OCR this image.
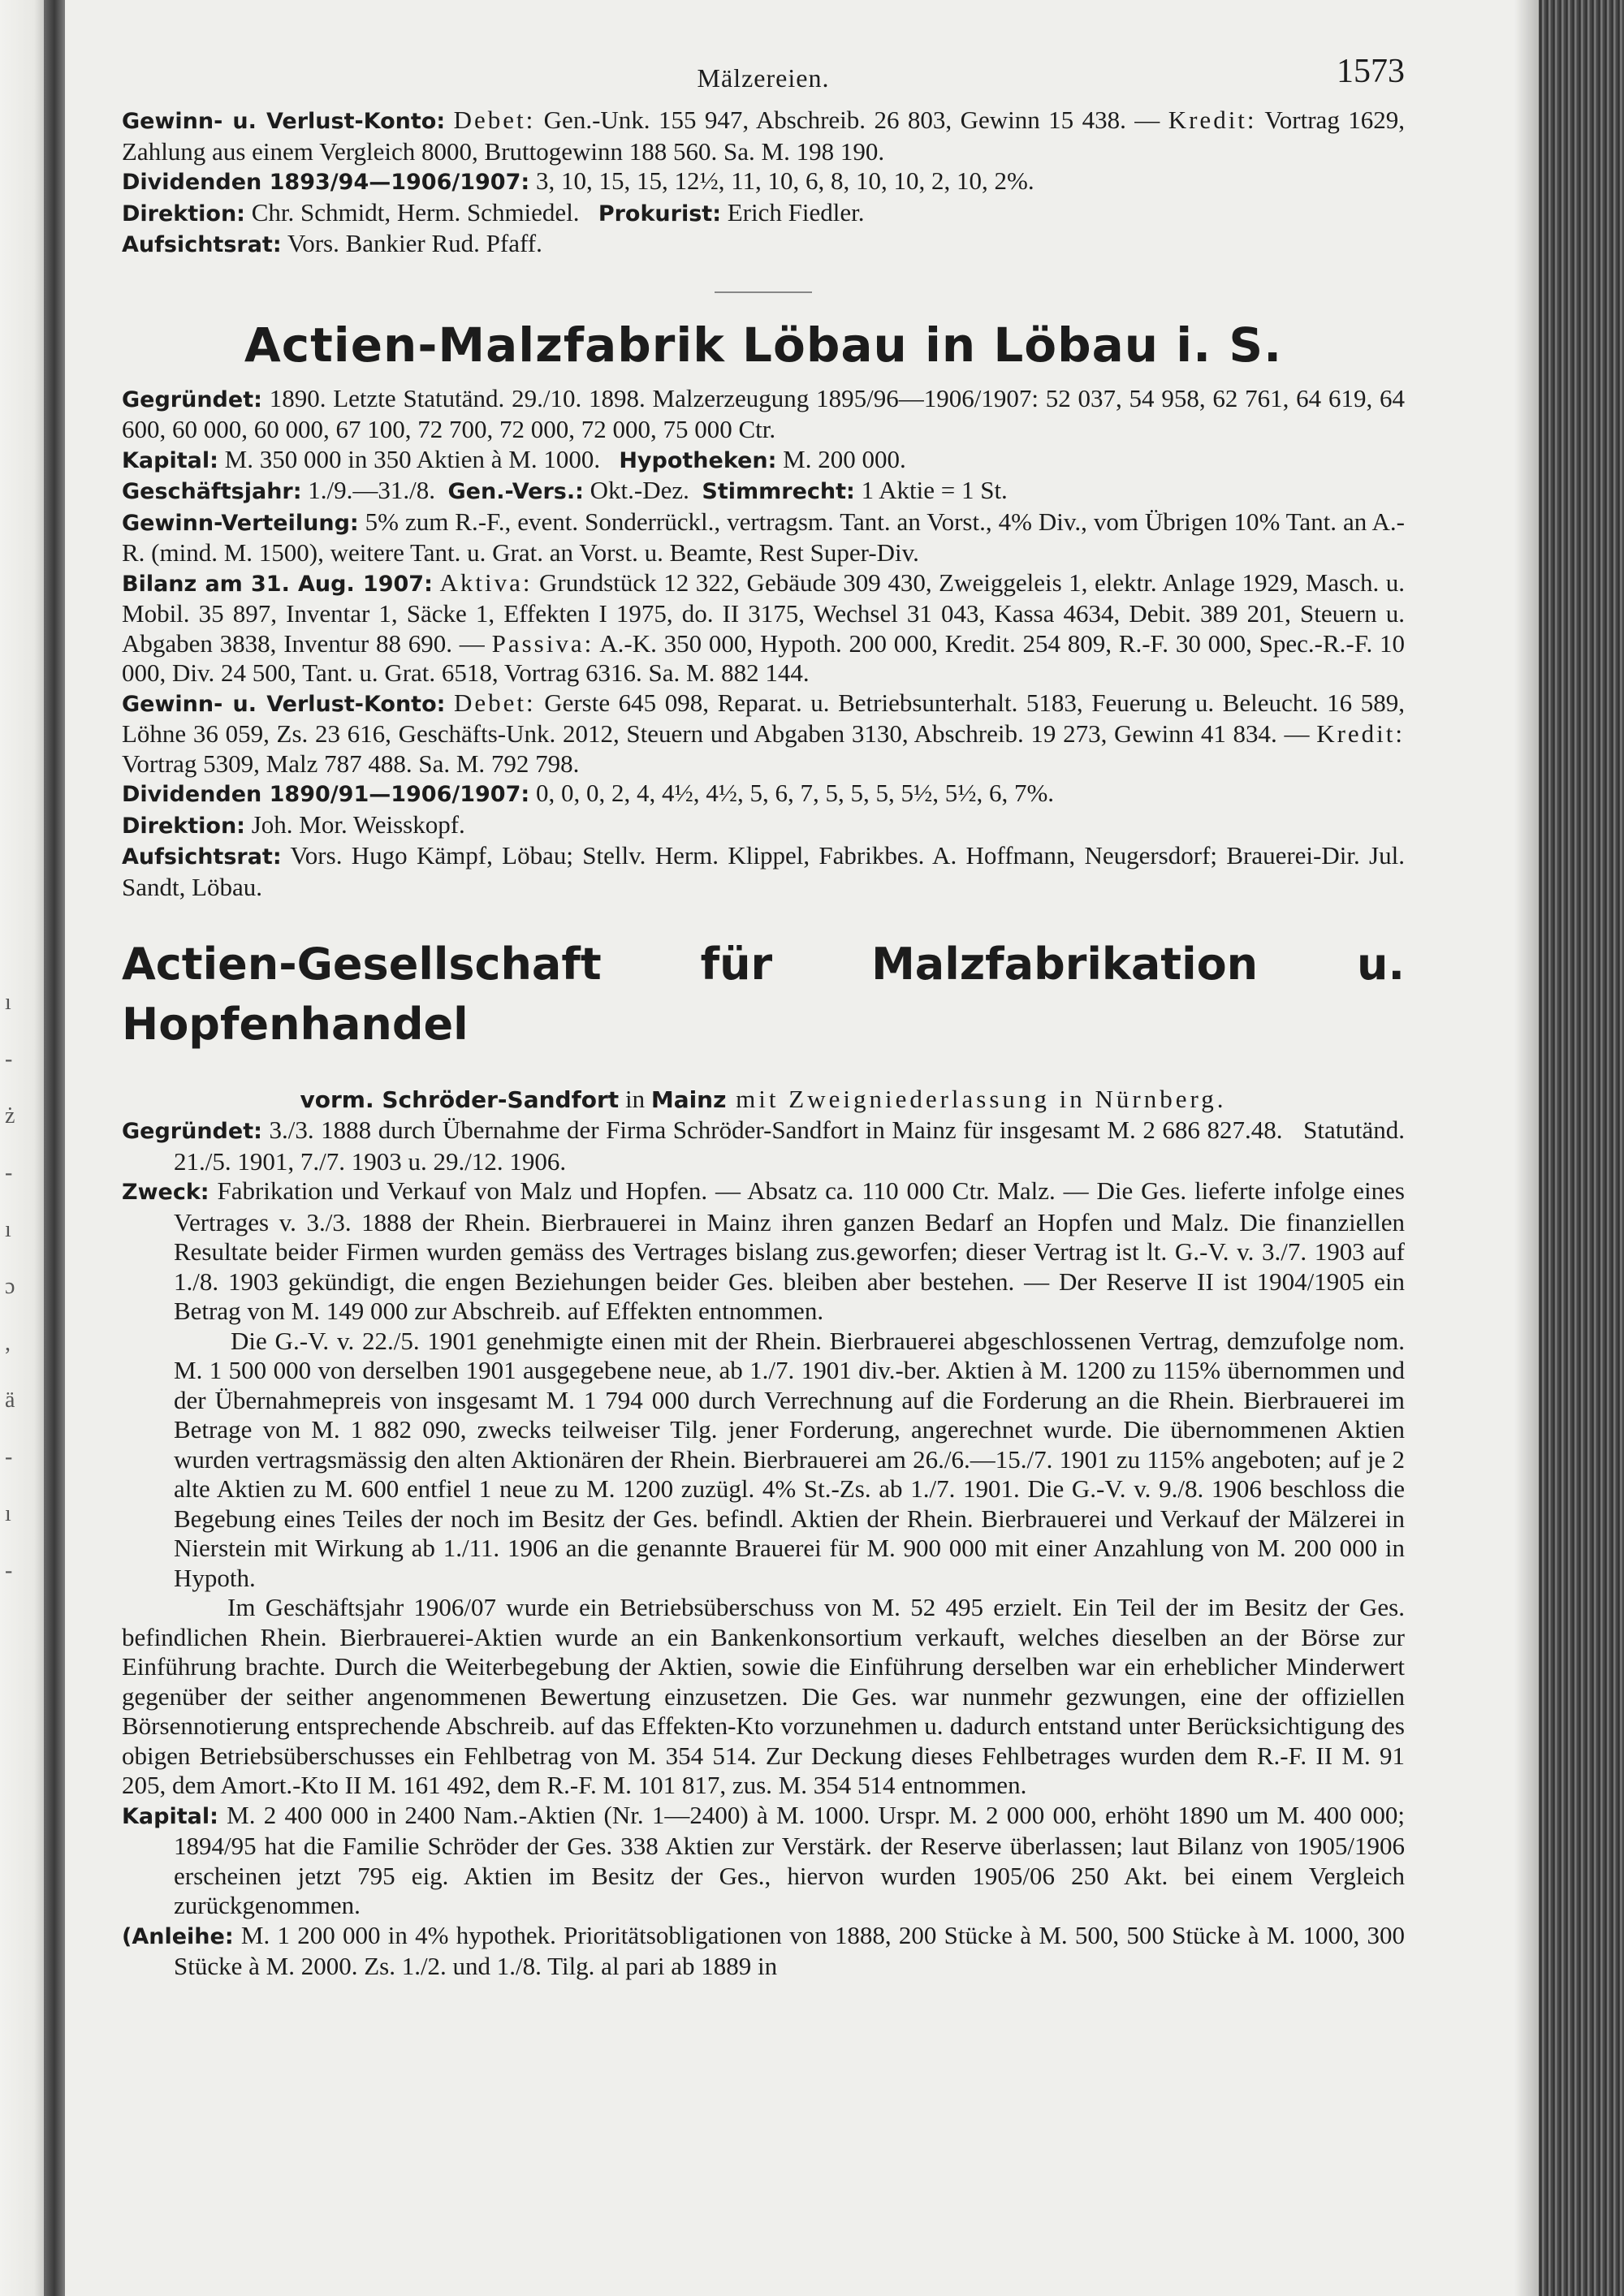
ı
-
ż
-
ı
ɔ
,
ä
-
ı
-
Mälzereien.	1573

Gewinn- u. Verlust-Konto: Debet: Gen.-Unk. 155 947, Abschreib. 26 803, Gewinn 15 438. — Kredit: Vortrag 1629, Zahlung aus einem Vergleich 8000, Bruttogewinn 188 560. Sa. M. 198 190.

Dividenden 1893/94—1906/1907: 3, 10, 15, 15, 12½, 11, 10, 6, 8, 10, 10, 2, 10, 2%.

Direktion: Chr. Schmidt, Herm. Schmiedel.   Prokurist: Erich Fiedler.

Aufsichtsrat: Vors. Bankier Rud. Pfaff.

Actien-Malzfabrik Löbau in Löbau i. S.

Gegründet: 1890. Letzte Statutänd. 29./10. 1898. Malzerzeugung 1895/96—1906/1907: 52 037, 54 958, 62 761, 64 619, 64 600, 60 000, 60 000, 67 100, 72 700, 72 000, 72 000, 75 000 Ctr.

Kapital: M. 350 000 in 350 Aktien à M. 1000.   Hypotheken: M. 200 000.

Geschäftsjahr: 1./9.—31./8.  Gen.-Vers.: Okt.-Dez.  Stimmrecht: 1 Aktie = 1 St.

Gewinn-Verteilung: 5% zum R.-F., event. Sonderrückl., vertragsm. Tant. an Vorst., 4% Div., vom Übrigen 10% Tant. an A.-R. (mind. M. 1500), weitere Tant. u. Grat. an Vorst. u. Beamte, Rest Super-Div.

Bilanz am 31. Aug. 1907: Aktiva: Grundstück 12 322, Gebäude 309 430, Zweiggeleis 1, elektr. Anlage 1929, Masch. u. Mobil. 35 897, Inventar 1, Säcke 1, Effekten I 1975, do. II 3175, Wechsel 31 043, Kassa 4634, Debit. 389 201, Steuern u. Abgaben 3838, Inventur 88 690. — Passiva: A.-K. 350 000, Hypoth. 200 000, Kredit. 254 809, R.-F. 30 000, Spec.-R.-F. 10 000, Div. 24 500, Tant. u. Grat. 6518, Vortrag 6316. Sa. M. 882 144.

Gewinn- u. Verlust-Konto: Debet: Gerste 645 098, Reparat. u. Betriebsunterhalt. 5183, Feuerung u. Beleucht. 16 589, Löhne 36 059, Zs. 23 616, Geschäfts-Unk. 2012, Steuern und Abgaben 3130, Abschreib. 19 273, Gewinn 41 834. — Kredit: Vortrag 5309, Malz 787 488. Sa. M. 792 798.

Dividenden 1890/91—1906/1907: 0, 0, 0, 2, 4, 4½, 4½, 5, 6, 7, 5, 5, 5, 5½, 5½, 6, 7%.

Direktion: Joh. Mor. Weisskopf.

Aufsichtsrat: Vors. Hugo Kämpf, Löbau; Stellv. Herm. Klippel, Fabrikbes. A. Hoffmann, Neugersdorf; Brauerei-Dir. Jul. Sandt, Löbau.

Actien-Gesellschaft für Malzfabrikation u. Hopfenhandel

vorm. Schröder-Sandfort in Mainz mit Zweigniederlassung in Nürnberg.

Gegründet: 3./3. 1888 durch Übernahme der Firma Schröder-Sandfort in Mainz für insgesamt M. 2 686 827.48.   Statutänd. 21./5. 1901, 7./7. 1903 u. 29./12. 1906.

Zweck: Fabrikation und Verkauf von Malz und Hopfen. — Absatz ca. 110 000 Ctr. Malz. — Die Ges. lieferte infolge eines Vertrages v. 3./3. 1888 der Rhein. Bierbrauerei in Mainz ihren ganzen Bedarf an Hopfen und Malz. Die finanziellen Resultate beider Firmen wurden gemäss des Vertrages bislang zus.geworfen; dieser Vertrag ist lt. G.-V. v. 3./7. 1903 auf 1./8. 1903 gekündigt, die engen Beziehungen beider Ges. bleiben aber bestehen. — Der Reserve II ist 1904/1905 ein Betrag von M. 149 000 zur Abschreib. auf Effekten entnommen.

Die G.-V. v. 22./5. 1901 genehmigte einen mit der Rhein. Bierbrauerei abgeschlossenen Vertrag, demzufolge nom. M. 1 500 000 von derselben 1901 ausgegebene neue, ab 1./7. 1901 div.-ber. Aktien à M. 1200 zu 115% übernommen und der Übernahmepreis von insgesamt M. 1 794 000 durch Verrechnung auf die Forderung an die Rhein. Bierbrauerei im Betrage von M. 1 882 090, zwecks teilweiser Tilg. jener Forderung, angerechnet wurde. Die übernommenen Aktien wurden vertragsmässig den alten Aktionären der Rhein. Bierbrauerei am 26./6.—15./7. 1901 zu 115% angeboten; auf je 2 alte Aktien zu M. 600 entfiel 1 neue zu M. 1200 zuzügl. 4% St.-Zs. ab 1./7. 1901. Die G.-V. v. 9./8. 1906 beschloss die Begebung eines Teiles der noch im Besitz der Ges. befindl. Aktien der Rhein. Bierbrauerei und Verkauf der Mälzerei in Nierstein mit Wirkung ab 1./11. 1906 an die genannte Brauerei für M. 900 000 mit einer Anzahlung von M. 200 000 in Hypoth.

Im Geschäftsjahr 1906/07 wurde ein Betriebsüberschuss von M. 52 495 erzielt. Ein Teil der im Besitz der Ges. befindlichen Rhein. Bierbrauerei-Aktien wurde an ein Bankenkonsortium verkauft, welches dieselben an der Börse zur Einführung brachte. Durch die Weiterbegebung der Aktien, sowie die Einführung derselben war ein erheblicher Minderwert gegenüber der seither angenommenen Bewertung einzusetzen. Die Ges. war nunmehr gezwungen, eine der offiziellen Börsennotierung entsprechende Abschreib. auf das Effekten-Kto vorzunehmen u. dadurch entstand unter Berücksichtigung des obigen Betriebsüberschusses ein Fehlbetrag von M. 354 514. Zur Deckung dieses Fehlbetrages wurden dem R.-F. II M. 91 205, dem Amort.-Kto II M. 161 492, dem R.-F. M. 101 817, zus. M. 354 514 entnommen.

Kapital: M. 2 400 000 in 2400 Nam.-Aktien (Nr. 1—2400) à M. 1000. Urspr. M. 2 000 000, erhöht 1890 um M. 400 000; 1894/95 hat die Familie Schröder der Ges. 338 Aktien zur Verstärk. der Reserve überlassen; laut Bilanz von 1905/1906 erscheinen jetzt 795 eig. Aktien im Besitz der Ges., hiervon wurden 1905/06 250 Akt. bei einem Vergleich zurückgenommen.

(Anleihe: M. 1 200 000 in 4% hypothek. Prioritätsobligationen von 1888, 200 Stücke à M. 500, 500 Stücke à M. 1000, 300 Stücke à M. 2000. Zs. 1./2. und 1./8. Tilg. al pari ab 1889 in
